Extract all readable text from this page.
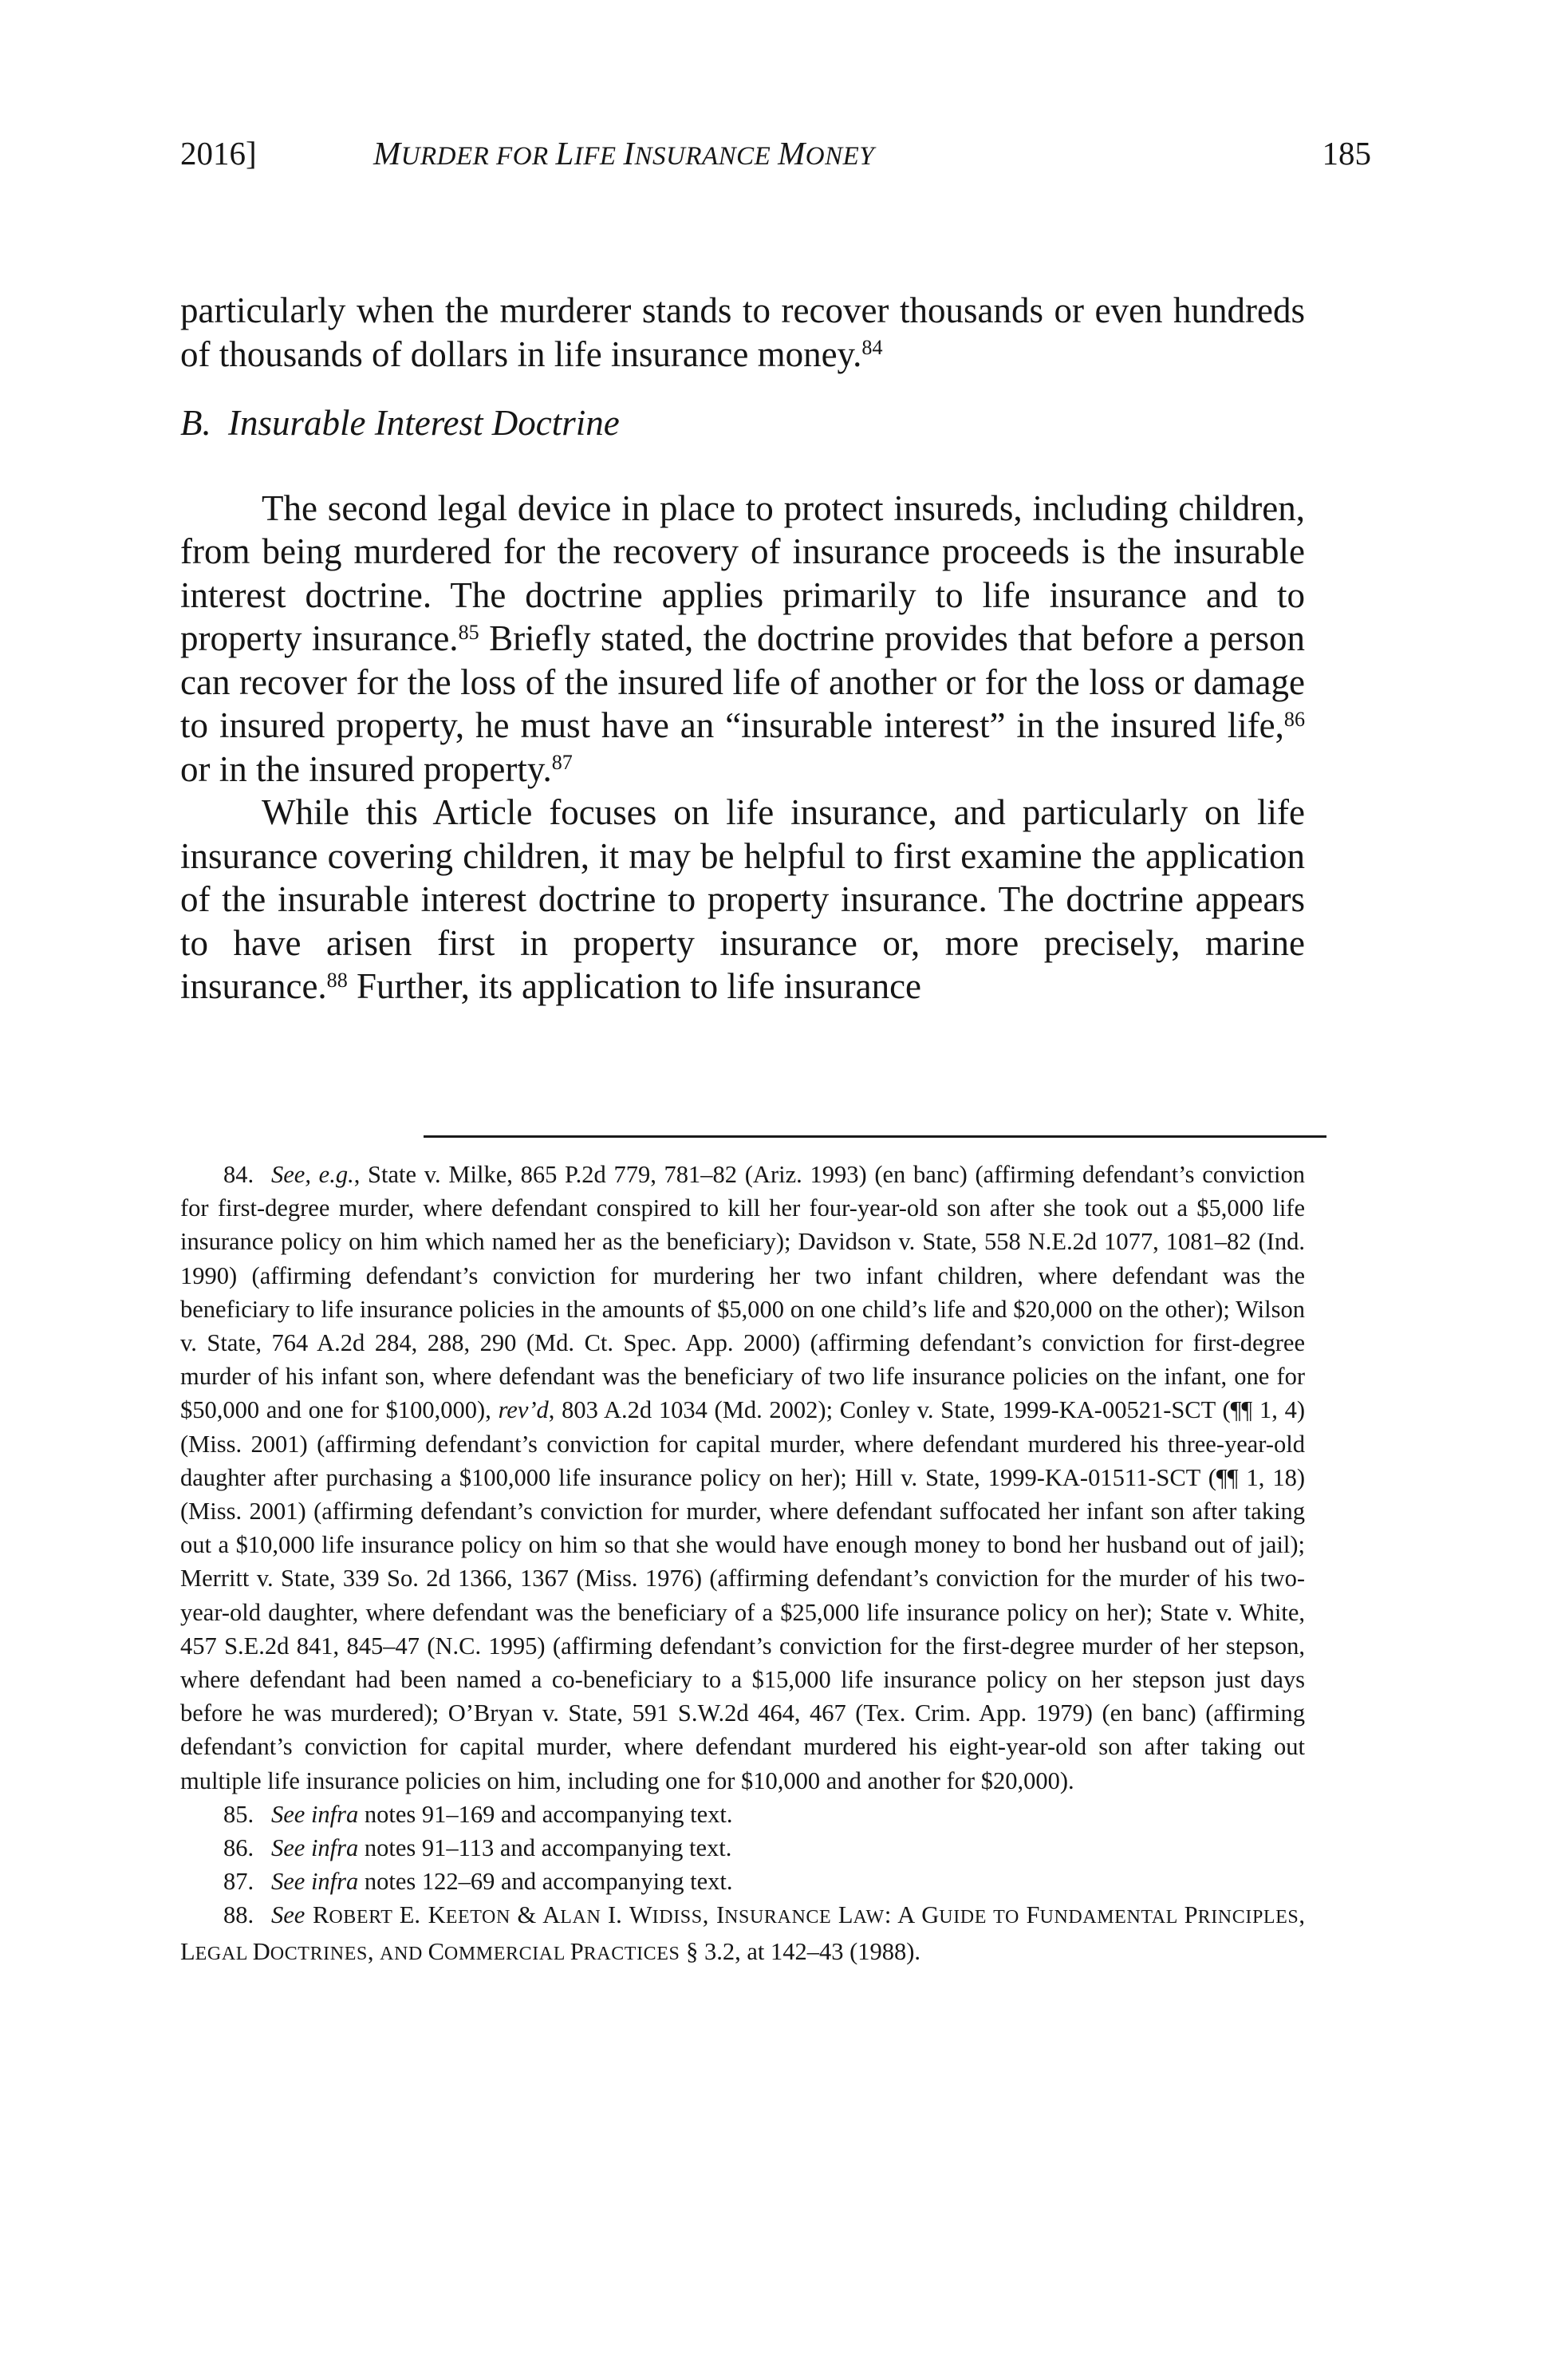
2016]	MURDER FOR LIFE INSURANCE MONEY	185

particularly when the murderer stands to recover thousands or even hundreds of thousands of dollars in life insurance money.$^{84}$

B. Insurable Interest Doctrine

The second legal device in place to protect insureds, including children, from being murdered for the recovery of insurance proceeds is the insurable interest doctrine. The doctrine applies primarily to life insurance and to property insurance.$^{85}$ Briefly stated, the doctrine provides that before a person can recover for the loss of the insured life of another or for the loss or damage to insured property, he must have an “insurable interest” in the insured life,$^{86}$ or in the insured property.$^{87}$

While this Article focuses on life insurance, and particularly on life insurance covering children, it may be helpful to first examine the application of the insurable interest doctrine to property insurance. The doctrine appears to have arisen first in property insurance or, more precisely, marine insurance.$^{88}$ Further, its application to life insurance

84. See, e.g., State v. Milke, 865 P.2d 779, 781–82 (Ariz. 1993) (en banc) (affirming defendant’s conviction for first-degree murder, where defendant conspired to kill her four-year-old son after she took out a $5,000 life insurance policy on him which named her as the beneficiary); Davidson v. State, 558 N.E.2d 1077, 1081–82 (Ind. 1990) (affirming defendant’s conviction for murdering her two infant children, where defendant was the beneficiary to life insurance policies in the amounts of $5,000 on one child’s life and $20,000 on the other); Wilson v. State, 764 A.2d 284, 288, 290 (Md. Ct. Spec. App. 2000) (affirming defendant’s conviction for first-degree murder of his infant son, where defendant was the beneficiary of two life insurance policies on the infant, one for $50,000 and one for $100,000), rev’d, 803 A.2d 1034 (Md. 2002); Conley v. State, 1999-KA-00521-SCT (¶¶ 1, 4) (Miss. 2001) (affirming defendant’s conviction for capital murder, where defendant murdered his three-year-old daughter after purchasing a $100,000 life insurance policy on her); Hill v. State, 1999-KA-01511-SCT (¶¶ 1, 18) (Miss. 2001) (affirming defendant’s conviction for murder, where defendant suffocated her infant son after taking out a $10,000 life insurance policy on him so that she would have enough money to bond her husband out of jail); Merritt v. State, 339 So. 2d 1366, 1367 (Miss. 1976) (affirming defendant’s conviction for the murder of his two-year-old daughter, where defendant was the beneficiary of a $25,000 life insurance policy on her); State v. White, 457 S.E.2d 841, 845–47 (N.C. 1995) (affirming defendant’s conviction for the first-degree murder of her stepson, where defendant had been named a co-beneficiary to a $15,000 life insurance policy on her stepson just days before he was murdered); O’Bryan v. State, 591 S.W.2d 464, 467 (Tex. Crim. App. 1979) (en banc) (affirming defendant’s conviction for capital murder, where defendant murdered his eight-year-old son after taking out multiple life insurance policies on him, including one for $10,000 and another for $20,000).

85. See infra notes 91–169 and accompanying text.

86. See infra notes 91–113 and accompanying text.

87. See infra notes 122–69 and accompanying text.

88. See ROBERT E. KEETON & ALAN I. WIDISS, INSURANCE LAW: A GUIDE TO FUNDAMENTAL PRINCIPLES, LEGAL DOCTRINES, AND COMMERCIAL PRACTICES § 3.2, at 142–43 (1988).
